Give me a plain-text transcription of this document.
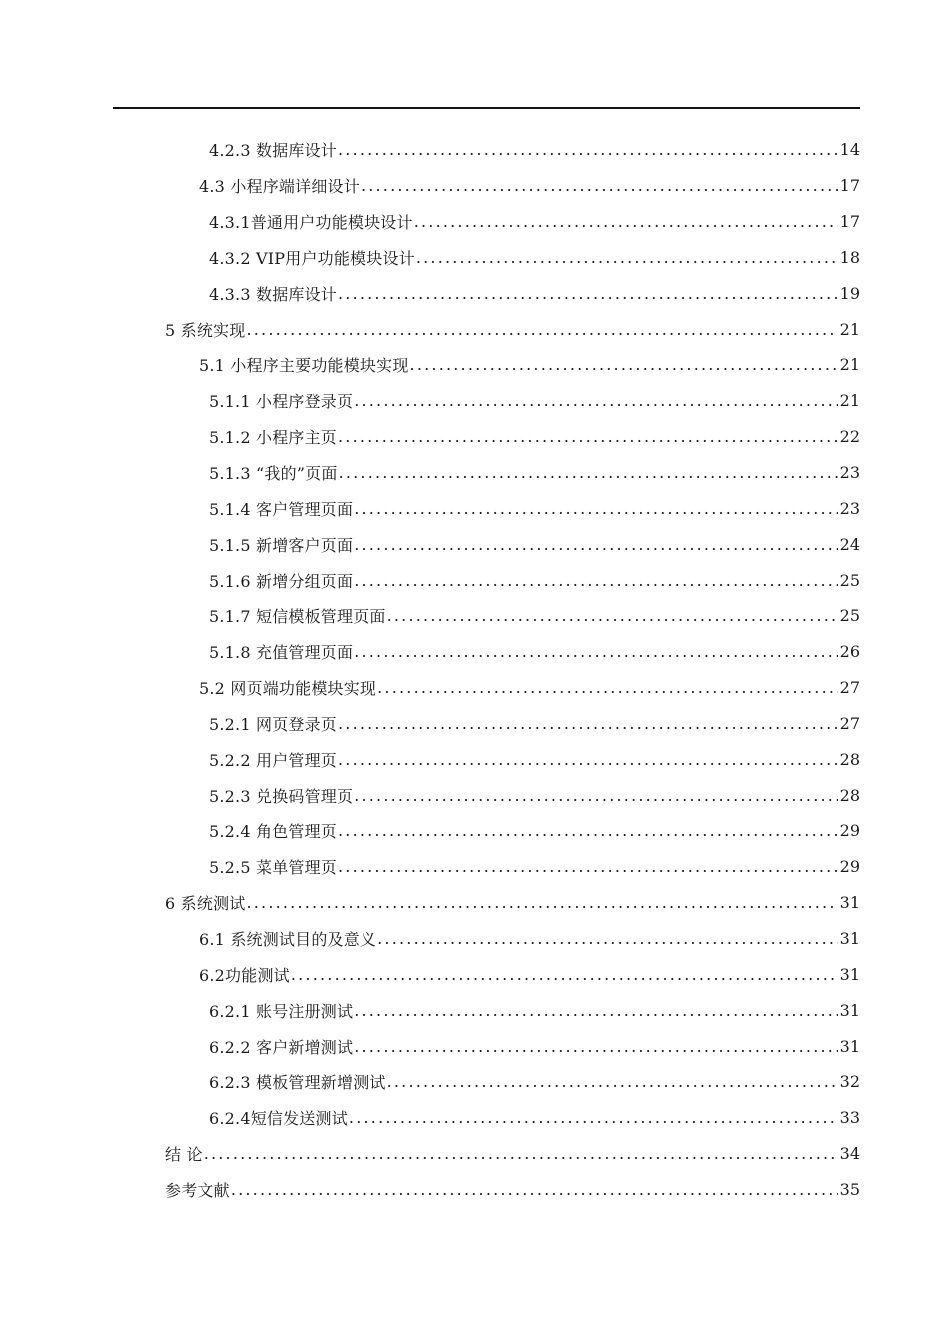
4.2.3 数据库设计 .....	14
4.3 小程序端详细设计 .....	17
4.3.1普通用户功能模块设计 .....	17
4.3.2 VIP用户功能模块设计 .....	18
4.3.3 数据库设计 .....	19
5 系统实现 .....	21
5.1 小程序主要功能模块实现 .....	21
5.1.1 小程序登录页 .....	21
5.1.2 小程序主页 .....	22
5.1.3 “我的”页面 .....	23
5.1.4 客户管理页面 .....	23
5.1.5 新增客户页面 .....	24
5.1.6 新增分组页面 .....	25
5.1.7 短信模板管理页面 .....	25
5.1.8 充值管理页面 .....	26
5.2 网页端功能模块实现 .....	27
5.2.1 网页登录页 .....	27
5.2.2 用户管理页 .....	28
5.2.3 兑换码管理页 .....	28
5.2.4 角色管理页 .....	29
5.2.5 菜单管理页 .....	29
6 系统测试 .....	31
6.1 系统测试目的及意义 .....	31
6.2功能测试 .....	31
6.2.1 账号注册测试 .....	31
6.2.2 客户新增测试 .....	31
6.2.3 模板管理新增测试 .....	32
6.2.4短信发送测试 .....	33
结 论 .....	34
参考文献 .....	35
